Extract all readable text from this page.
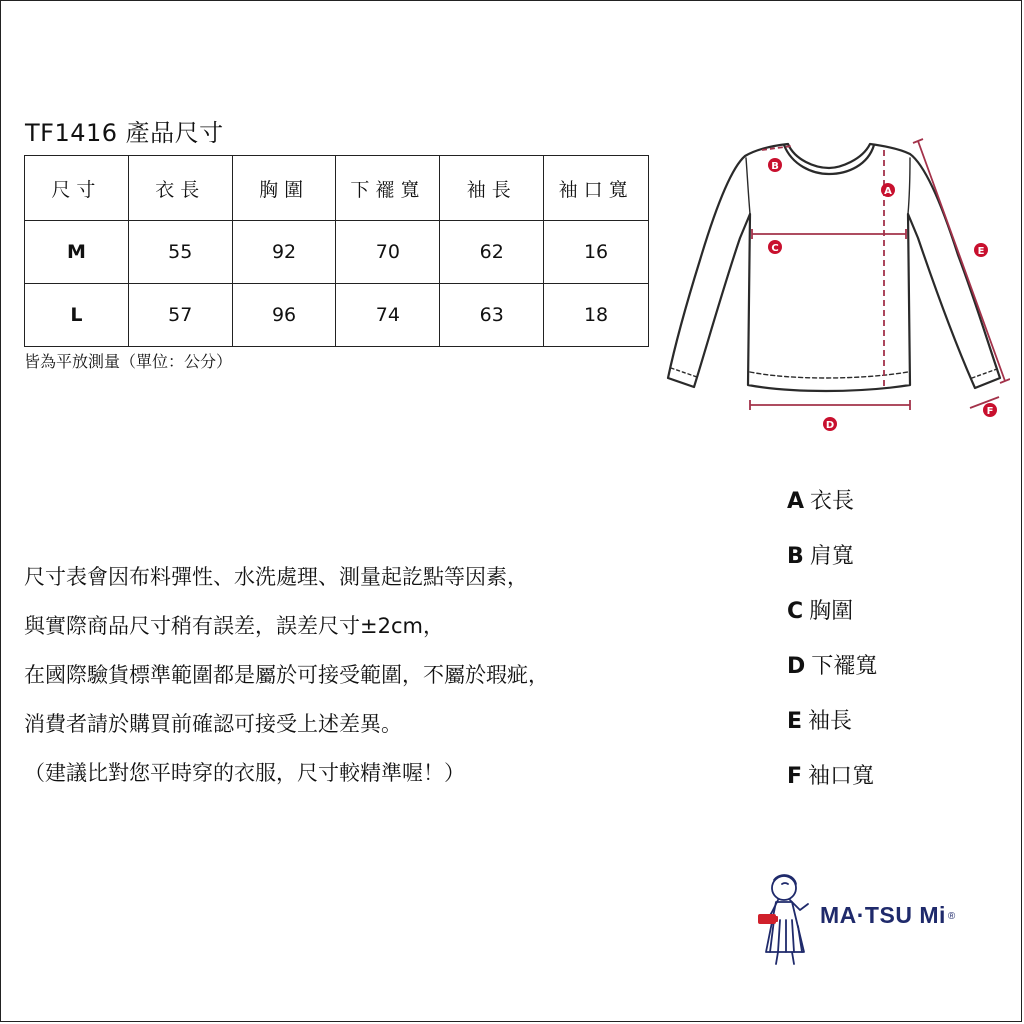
TF1416 產品尺寸
尺寸	衣長	胸圍	下襬寬	袖長	袖口寬
M	55	92	70	62	16
L	57	96	74	63	18
皆為平放測量（單位：公分）
A
B
C
D
E
F
A 衣長
B 肩寬
C 胸圍
D 下襬寬
E 袖長
F 袖口寬
尺寸表會因布料彈性、水洗處理、測量起訖點等因素，
與實際商品尺寸稍有誤差，誤差尺寸±2cm，
在國際驗貨標準範圍都是屬於可接受範圍，不屬於瑕疵，
消費者請於購買前確認可接受上述差異。
（建議比對您平時穿的衣服，尺寸較精準喔！）
MA·TSU Mi ®
